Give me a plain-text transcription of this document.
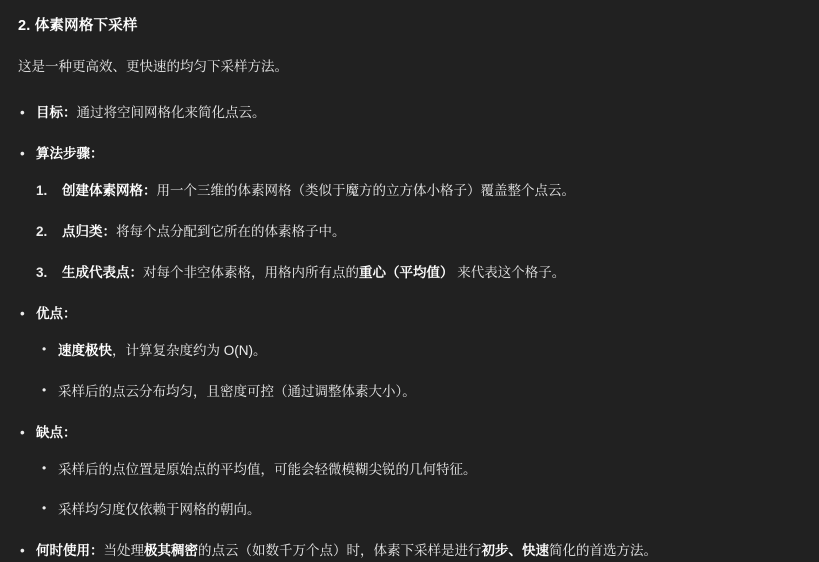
2. 体素网格下采样

这是一种更高效、更快速的均匀下采样方法。

• 目标：通过将空间网格化来简化点云。
• 算法步骤：
1. 创建体素网格：用一个三维的体素网格（类似于魔方的立方体小格子）覆盖整个点云。
2. 点归类：将每个点分配到它所在的体素格子中。
3. 生成代表点：对每个非空体素格，用格内所有点的重心（平均值） 来代表这个格子。
• 优点：
• 速度极快，计算复杂度约为 O(N)。
• 采样后的点云分布均匀，且密度可控（通过调整体素大小）。
• 缺点：
• 采样后的点位置是原始点的平均值，可能会轻微模糊尖锐的几何特征。
• 采样均匀度仅依赖于网格的朝向。
• 何时使用：当处理极其稠密的点云（如数千万个点）时，体素下采样是进行初步、快速简化的首选方法。
